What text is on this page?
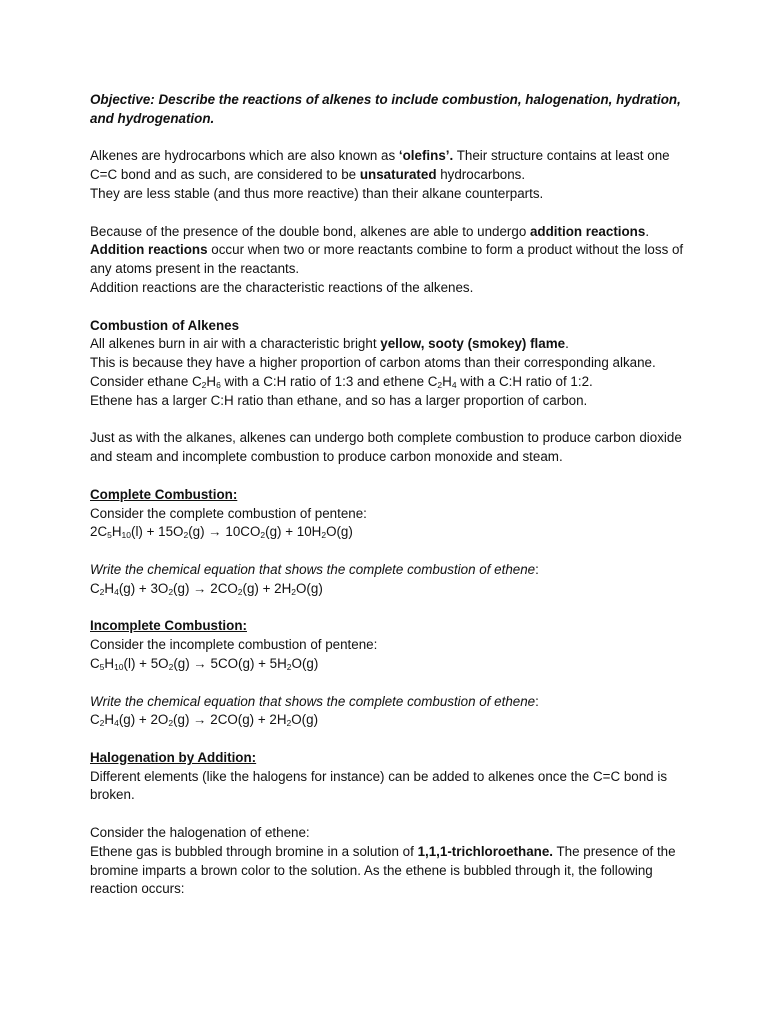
Objective: Describe the reactions of alkenes to include combustion, halogenation, hydration, and hydrogenation.

Alkenes are hydrocarbons which are also known as ‘olefins’. Their structure contains at least one C=C bond and as such, are considered to be unsaturated hydrocarbons.

They are less stable (and thus more reactive) than their alkane counterparts.

Because of the presence of the double bond, alkenes are able to undergo addition reactions.

Addition reactions occur when two or more reactants combine to form a product without the loss of any atoms present in the reactants.

Addition reactions are the characteristic reactions of the alkenes.

Combustion of Alkenes

All alkenes burn in air with a characteristic bright yellow, sooty (smokey) flame.

This is because they have a higher proportion of carbon atoms than their corresponding alkane.

Consider ethane $C_2H_6$ with a C:H ratio of 1:3 and ethene $C_2H_4$ with a C:H ratio of 1:2.

Ethene has a larger C:H ratio than ethane, and so has a larger proportion of carbon.

Just as with the alkanes, alkenes can undergo both complete combustion to produce carbon dioxide and steam and incomplete combustion to produce carbon monoxide and steam.

Complete Combustion:

Consider the complete combustion of pentene:

$2C_5H_{10}(l) + 15O_2(g) \to 10CO_2(g) + 10H_2O(g)$

Write the chemical equation that shows the complete combustion of ethene:

$C_2H_4(g) + 3O_2(g) \to 2CO_2(g) + 2H_2O(g)$

Incomplete Combustion:

Consider the incomplete combustion of pentene:

$C_5H_{10}(l) + 5O_2(g) \to 5CO(g) + 5H_2O(g)$

Write the chemical equation that shows the complete combustion of ethene:

$C_2H_4(g) + 2O_2(g) \to 2CO(g) + 2H_2O(g)$

Halogenation by Addition:

Different elements (like the halogens for instance) can be added to alkenes once the C=C bond is broken.

Consider the halogenation of ethene:

Ethene gas is bubbled through bromine in a solution of 1,1,1-trichloroethane. The presence of the bromine imparts a brown color to the solution. As the ethene is bubbled through it, the following reaction occurs:
